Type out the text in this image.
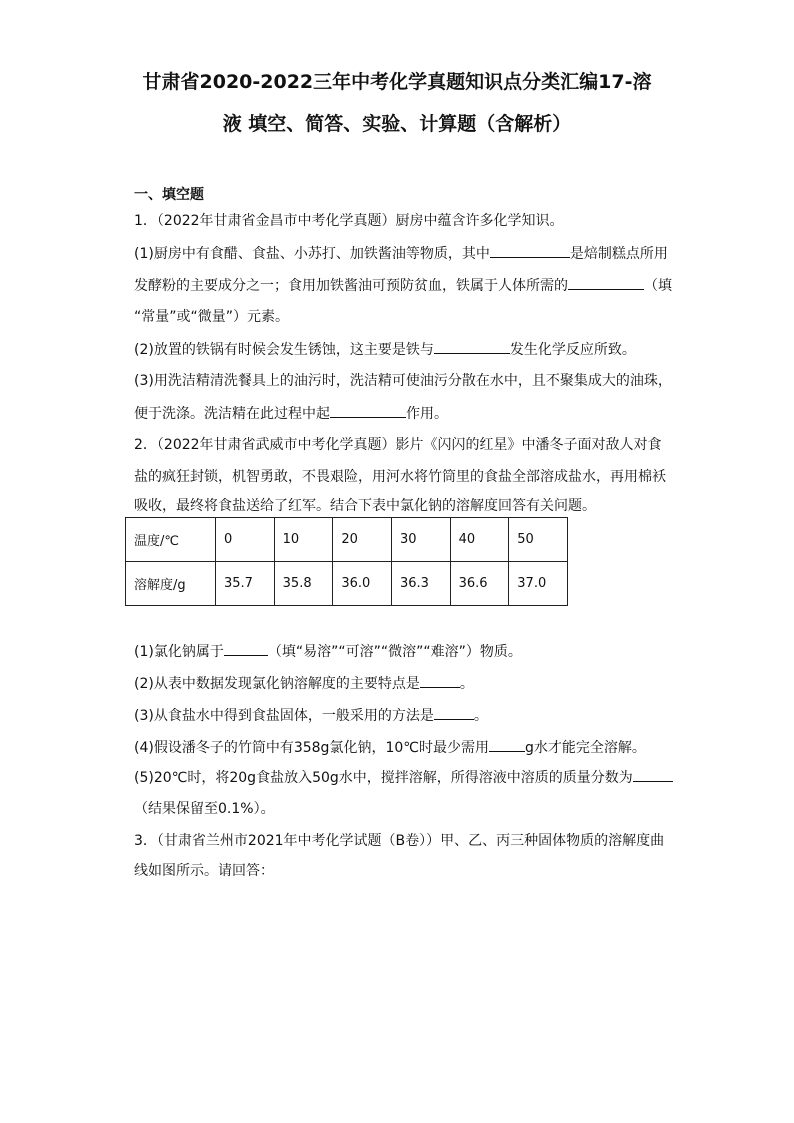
甘肃省2020-2022三年中考化学真题知识点分类汇编17-溶
液 填空、简答、实验、计算题（含解析）

一、填空题

1．（2022年甘肃省金昌市中考化学真题）厨房中蕴含许多化学知识。

(1)厨房中有食醋、食盐、小苏打、加铁酱油等物质，其中	是焙制糕点所用

发酵粉的主要成分之一；食用加铁酱油可预防贫血，铁属于人体所需的	（填

“常量”或“微量”）元素。

(2)放置的铁锅有时候会发生锈蚀，这主要是铁与	发生化学反应所致。

(3)用洗洁精清洗餐具上的油污时，洗洁精可使油污分散在水中，且不聚集成大的油珠，

便于洗涤。洗洁精在此过程中起	作用。

2．（2022年甘肃省武威市中考化学真题）影片《闪闪的红星》中潘冬子面对敌人对食

盐的疯狂封锁，机智勇敢，不畏艰险，用河水将竹筒里的食盐全部溶成盐水，再用棉袄

吸收，最终将食盐送给了红军。结合下表中氯化钠的溶解度回答有关问题。

温度/℃	0	10	20	30	40	50
溶解度/g	35.7	35.8	36.0	36.3	36.6	37.0

(1)氯化钠属于	（填“易溶”“可溶”“微溶”“难溶”）物质。

(2)从表中数据发现氯化钠溶解度的主要特点是	。

(3)从食盐水中得到食盐固体，一般采用的方法是	。

(4)假设潘冬子的竹筒中有358g氯化钠，10℃时最少需用	g水才能完全溶解。

(5)20℃时，将20g食盐放入50g水中，搅拌溶解，所得溶液中溶质的质量分数为

（结果保留至0.1%）。

3．（甘肃省兰州市2021年中考化学试题（B卷））甲、乙、丙三种固体物质的溶解度曲

线如图所示。请回答：
